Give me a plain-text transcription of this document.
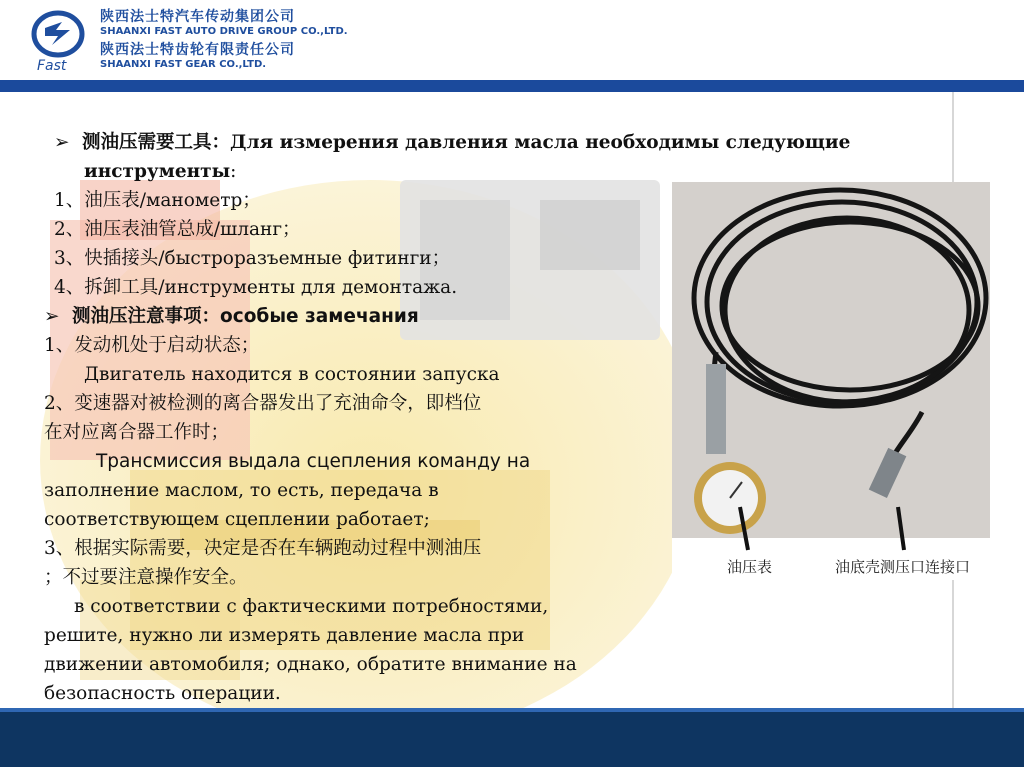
Fast
陕西法士特汽车传动集团公司
SHAANXI FAST AUTO DRIVE GROUP CO.,LTD.
陕西法士特齿轮有限责任公司
SHAANXI FAST GEAR CO.,LTD.
➢ 测油压需要工具：Для измерения давления масла необходимы следующие
инструменты:
1、油压表/манометр；
2、油压表油管总成/шланг；
3、快插接头/быстроразъемные фитинги；
4、拆卸工具/инструменты для демонтажа.
➢ 测油压注意事项：особые замечания
1、发动机处于启动状态；
Двигатель находится в состоянии запуска
2、变速器对被检测的离合器发出了充油命令，即档位
在对应离合器工作时；
Трансмиссия выдала сцепления команду на
заполнение маслом, то есть, передача в
соответствующем сцеплении работает;
3、根据实际需要，决定是否在车辆跑动过程中测油压
；不过要注意操作安全。
в соответствии с фактическими потребностями,
решите, нужно ли измерять давление масла при
движении автомобиля; однако, обратите внимание на
безопасность операции.
油压表	油底壳测压口连接口
